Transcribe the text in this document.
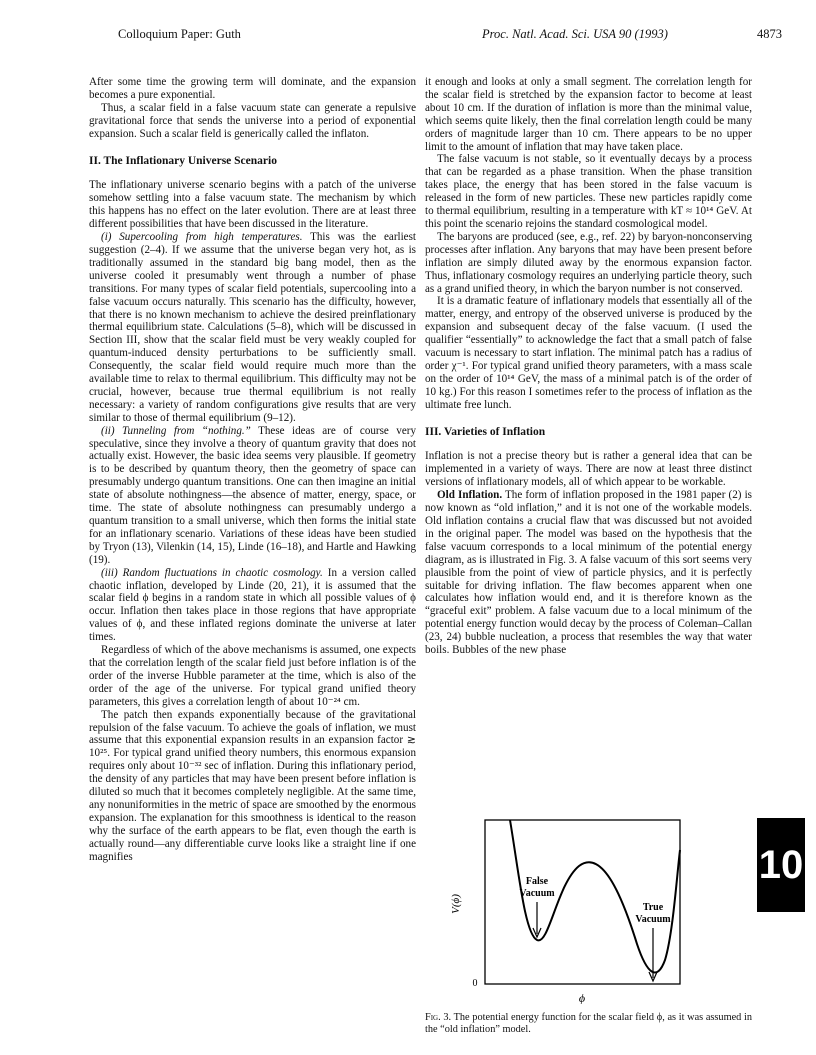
Colloquium Paper: Guth	Proc. Natl. Acad. Sci. USA 90 (1993)	4873

After some time the growing term will dominate, and the expansion becomes a pure exponential.

Thus, a scalar field in a false vacuum state can generate a repulsive gravitational force that sends the universe into a period of exponential expansion. Such a scalar field is generically called the inflaton.

II. The Inflationary Universe Scenario

The inflationary universe scenario begins with a patch of the universe somehow settling into a false vacuum state. The mechanism by which this happens has no effect on the later evolution. There are at least three different possibilities that have been discussed in the literature.

(i) Supercooling from high temperatures. This was the earliest suggestion (2–4). If we assume that the universe began very hot, as is traditionally assumed in the standard big bang model, then as the universe cooled it presumably went through a number of phase transitions. For many types of scalar field potentials, supercooling into a false vacuum occurs naturally. This scenario has the difficulty, however, that there is no known mechanism to achieve the desired preinflationary thermal equilibrium state. Calculations (5–8), which will be discussed in Section III, show that the scalar field must be very weakly coupled for quantum-induced density perturbations to be sufficiently small. Consequently, the scalar field would require much more than the available time to relax to thermal equilibrium. This difficulty may not be crucial, however, because true thermal equilibrium is not really necessary: a variety of random configurations give results that are very similar to those of thermal equilibrium (9–12).

(ii) Tunneling from “nothing.” These ideas are of course very speculative, since they involve a theory of quantum gravity that does not actually exist. However, the basic idea seems very plausible. If geometry is to be described by quantum theory, then the geometry of space can presumably undergo quantum transitions. One can then imagine an initial state of absolute nothingness—the absence of matter, energy, space, or time. The state of absolute nothingness can presumably undergo a quantum transition to a small universe, which then forms the initial state for an inflationary scenario. Variations of these ideas have been studied by Tryon (13), Vilenkin (14, 15), Linde (16–18), and Hartle and Hawking (19).

(iii) Random fluctuations in chaotic cosmology. In a version called chaotic inflation, developed by Linde (20, 21), it is assumed that the scalar field ϕ begins in a random state in which all possible values of ϕ occur. Inflation then takes place in those regions that have appropriate values of ϕ, and these inflated regions dominate the universe at later times.

Regardless of which of the above mechanisms is assumed, one expects that the correlation length of the scalar field just before inflation is of the order of the inverse Hubble parameter at the time, which is also of the order of the age of the universe. For typical grand unified theory parameters, this gives a correlation length of about 10⁻²⁴ cm.

The patch then expands exponentially because of the gravitational repulsion of the false vacuum. To achieve the goals of inflation, we must assume that this exponential expansion results in an expansion factor ≳ 10²⁵. For typical grand unified theory numbers, this enormous expansion requires only about 10⁻³² sec of inflation. During this inflationary period, the density of any particles that may have been present before inflation is diluted so much that it becomes completely negligible. At the same time, any nonuniformities in the metric of space are smoothed by the enormous expansion. The explanation for this smoothness is identical to the reason why the surface of the earth appears to be flat, even though the earth is actually round—any differentiable curve looks like a straight line if one magnifies

it enough and looks at only a small segment. The correlation length for the scalar field is stretched by the expansion factor to become at least about 10 cm. If the duration of inflation is more than the minimal value, which seems quite likely, then the final correlation length could be many orders of magnitude larger than 10 cm. There appears to be no upper limit to the amount of inflation that may have taken place.

The false vacuum is not stable, so it eventually decays by a process that can be regarded as a phase transition. When the phase transition takes place, the energy that has been stored in the false vacuum is released in the form of new particles. These new particles rapidly come to thermal equilibrium, resulting in a temperature with kT ≈ 10¹⁴ GeV. At this point the scenario rejoins the standard cosmological model.

The baryons are produced (see, e.g., ref. 22) by baryon-nonconserving processes after inflation. Any baryons that may have been present before inflation are simply diluted away by the enormous expansion factor. Thus, inflationary cosmology requires an underlying particle theory, such as a grand unified theory, in which the baryon number is not conserved.

It is a dramatic feature of inflationary models that essentially all of the matter, energy, and entropy of the observed universe is produced by the expansion and subsequent decay of the false vacuum. (I used the qualifier “essentially” to acknowledge the fact that a small patch of false vacuum is necessary to start inflation. The minimal patch has a radius of order χ⁻¹. For typical grand unified theory parameters, with a mass scale on the order of 10¹⁴ GeV, the mass of a minimal patch is of the order of 10 kg.) For this reason I sometimes refer to the process of inflation as the ultimate free lunch.

III. Varieties of Inflation

Inflation is not a precise theory but is rather a general idea that can be implemented in a variety of ways. There are now at least three distinct versions of inflationary models, all of which appear to be workable.

Old Inflation. The form of inflation proposed in the 1981 paper (2) is now known as “old inflation,” and it is not one of the workable models. Old inflation contains a crucial flaw that was discussed but not avoided in the original paper. The model was based on the hypothesis that the false vacuum corresponds to a local minimum of the potential energy diagram, as is illustrated in Fig. 3. A false vacuum of this sort seems very plausible from the point of view of particle physics, and it is perfectly suitable for driving inflation. The flaw becomes apparent when one calculates how inflation would end, and it is therefore known as the “graceful exit” problem. A false vacuum due to a local minimum of the potential energy function would decay by the process of Coleman–Callan (23, 24) bubble nucleation, a process that resembles the way that water boils. Bubbles of the new phase

False
Vacuum
True
Vacuum
V(ϕ)
0
ϕ
Fig. 3. The potential energy function for the scalar field ϕ, as it was assumed in the “old inflation” model.
10
